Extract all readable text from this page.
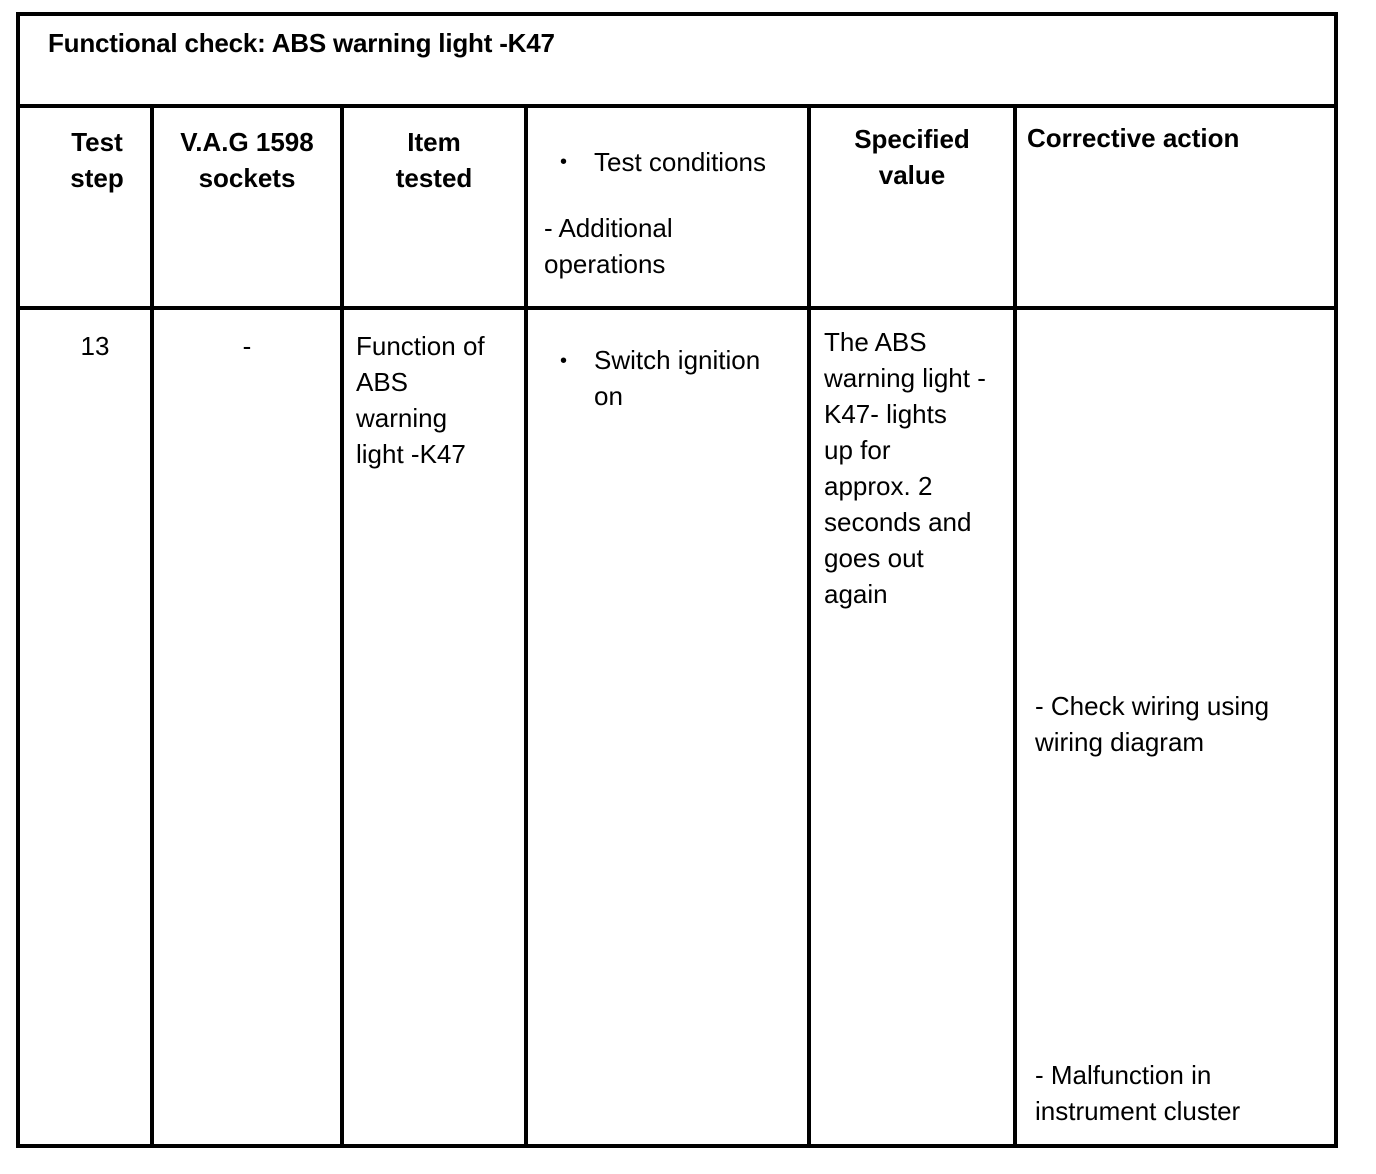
Functional check: ABS warning light -K47
Test
step
V.A.G 1598
sockets
Item
tested
• Test conditions
- Additional
operations
Specified
value
Corrective action
13	-	Function of
ABS
warning
light -K47
• Switch ignition
on
The ABS
warning light -
K47- lights
up for
approx. 2
seconds and
goes out
again
- Check wiring using
wiring diagram
- Malfunction in
instrument cluster
